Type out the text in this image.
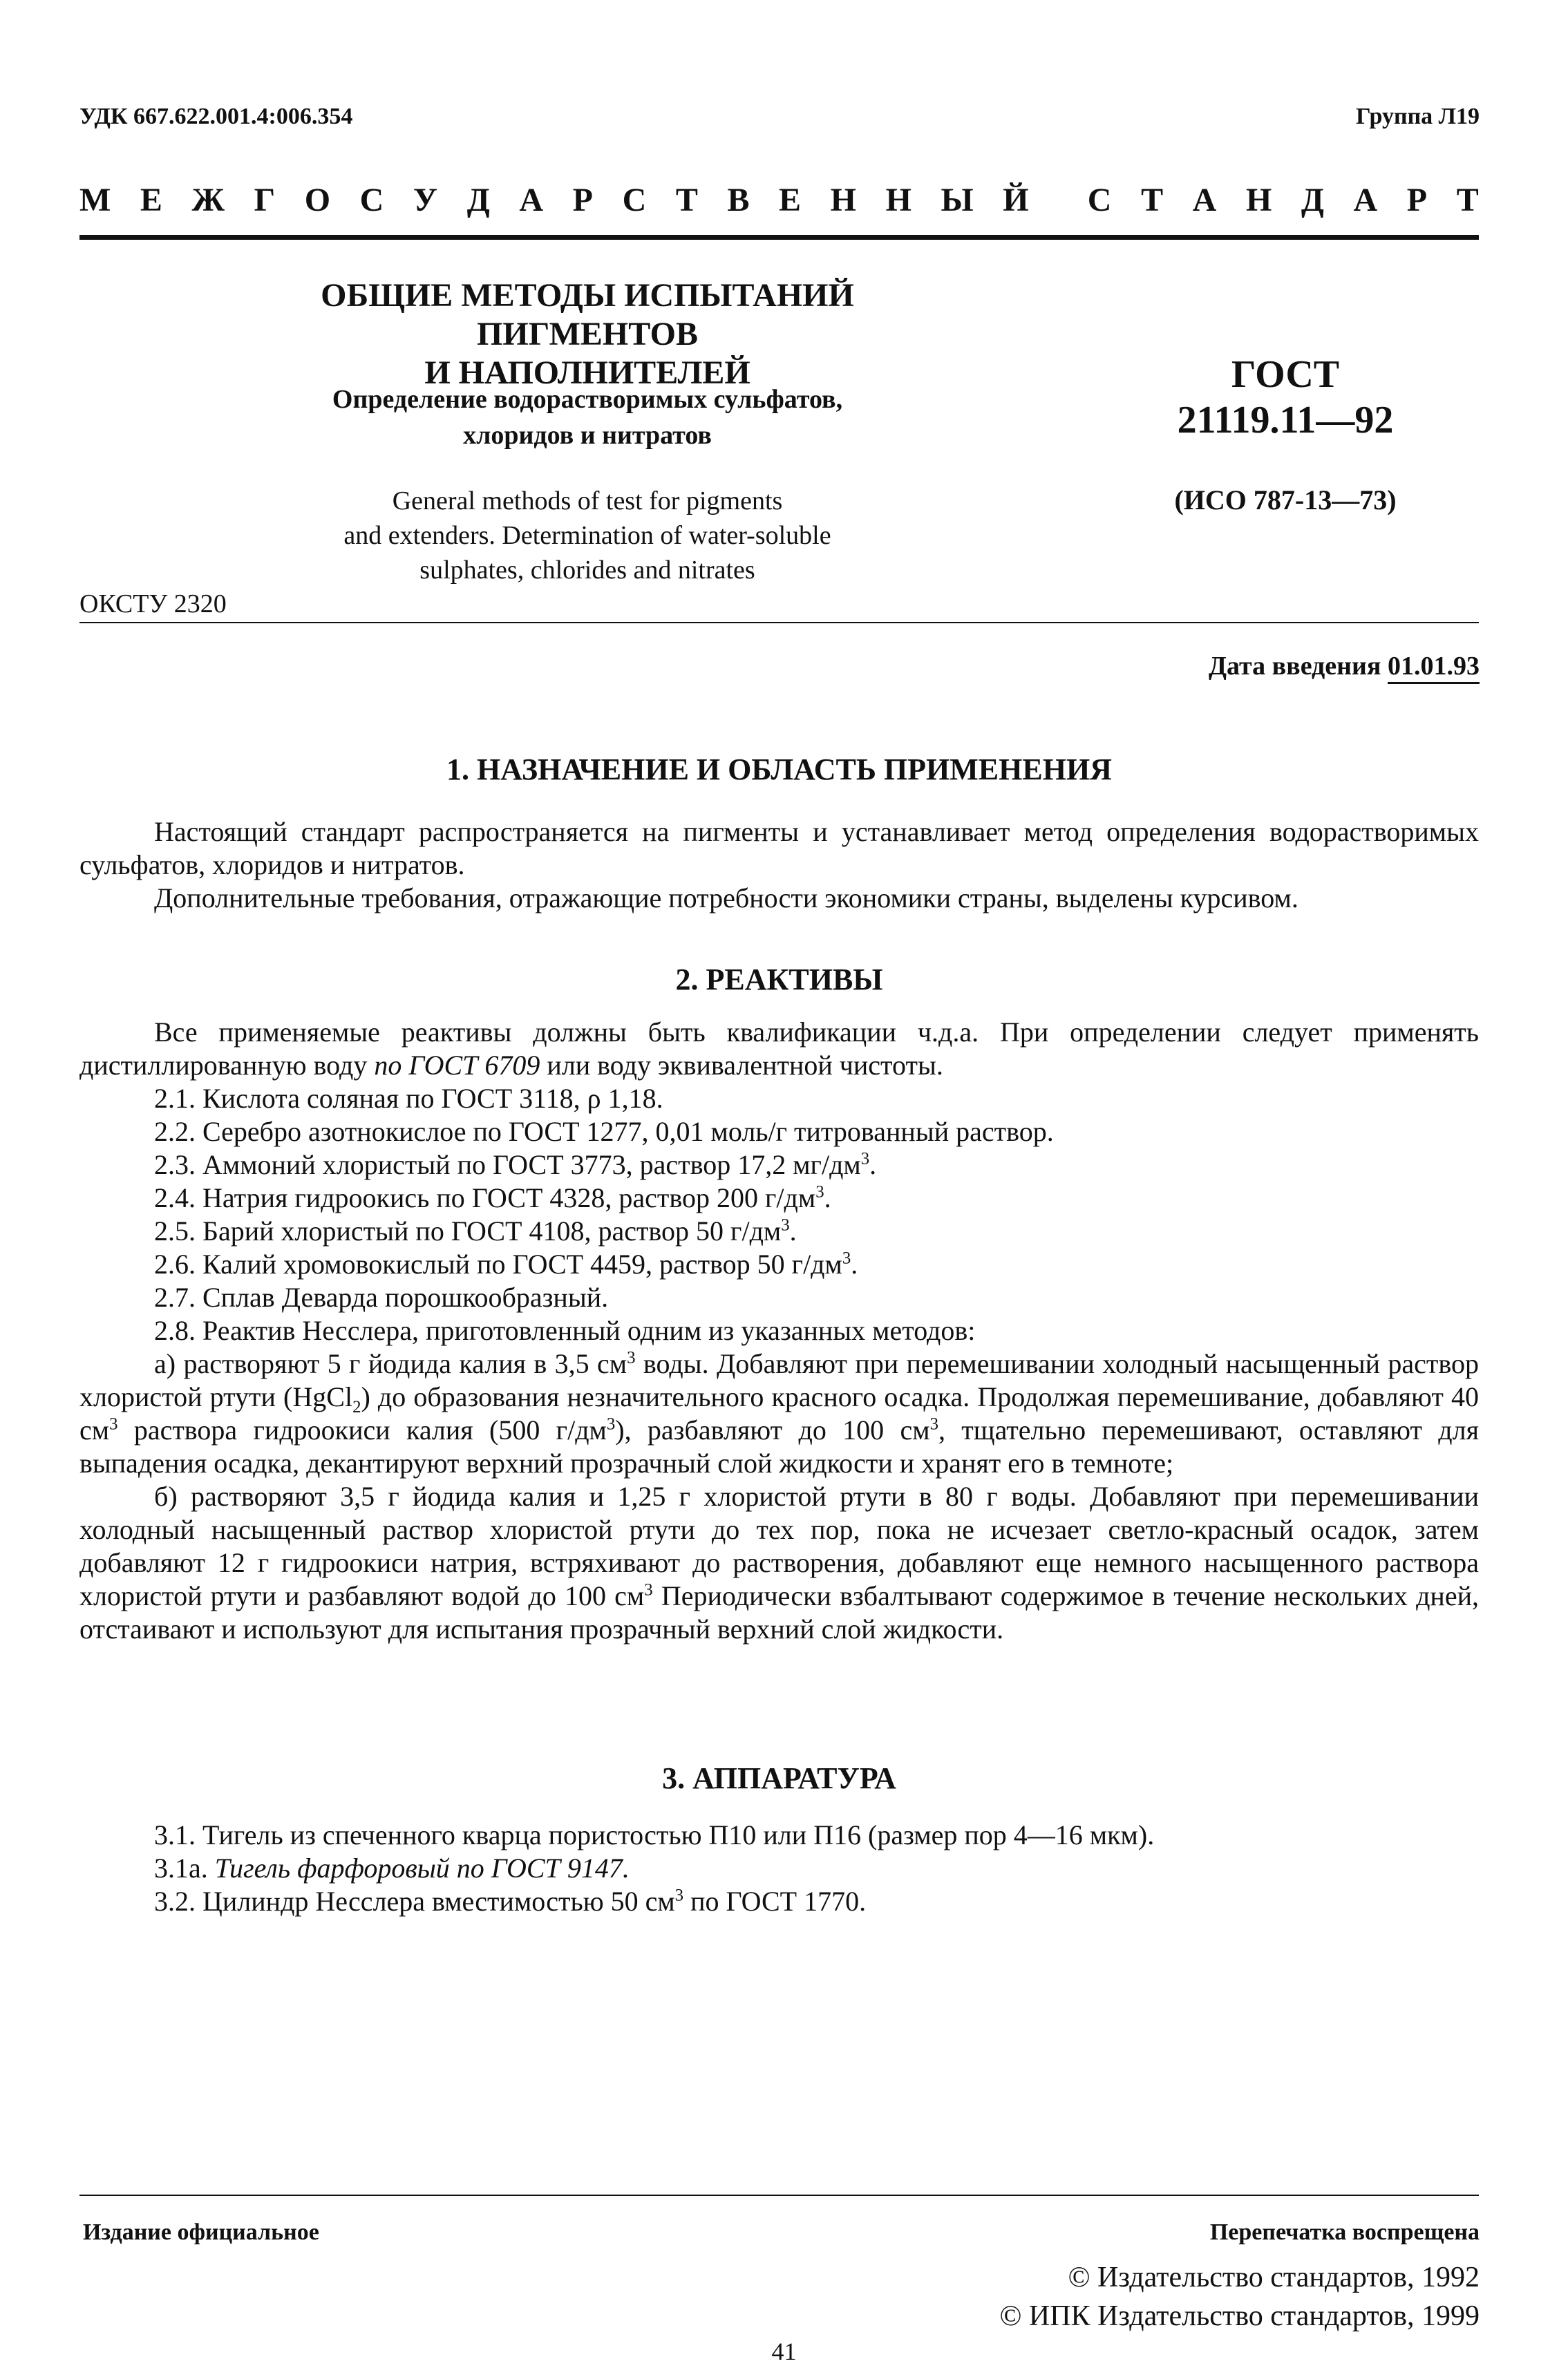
УДК 667.622.001.4:006.354	Группа Л19
М Е Ж Г О С У Д А Р С Т В Е Н Н Ы Й С Т А Н Д А Р Т
ОБЩИЕ МЕТОДЫ ИСПЫТАНИЙ ПИГМЕНТОВ
И НАПОЛНИТЕЛЕЙ
Определение водорастворимых сульфатов,
хлоридов и нитратов
General methods of test for pigments
and extenders. Determination of water-soluble
sulphates, chlorides and nitrates
ГОСТ
21119.11—92
(ИСО 787-13—73)
ОКСТУ 2320
Дата введения 01.01.93
1. НАЗНАЧЕНИЕ И ОБЛАСТЬ ПРИМЕНЕНИЯ

Настоящий стандарт распространяется на пигменты и устанавливает метод определения водорастворимых сульфатов, хлоридов и нитратов.

Дополнительные требования, отражающие потребности экономики страны, выделены курсивом.

2. РЕАКТИВЫ

Все применяемые реактивы должны быть квалификации ч.д.а. При определении следует применять дистиллированную воду по ГОСТ 6709 или воду эквивалентной чистоты.

2.1. Кислота соляная по ГОСТ 3118, ρ 1,18.

2.2. Серебро азотнокислое по ГОСТ 1277, 0,01 моль/г титрованный раствор.

2.3. Аммоний хлористый по ГОСТ 3773, раствор 17,2 $мг/дм^3$.

2.4. Натрия гидроокись по ГОСТ 4328, раствор 200 $г/дм^3$.

2.5. Барий хлористый по ГОСТ 4108, раствор 50 $г/дм^3$.

2.6. Калий хромовокислый по ГОСТ 4459, раствор 50 $г/дм^3$.

2.7. Сплав Деварда порошкообразный.

2.8. Реактив Несслера, приготовленный одним из указанных методов:

а) растворяют 5 г йодида калия в 3,5 $см^3$ воды. Добавляют при перемешивании холодный насыщенный раствор хлористой ртути (HgCl$_2$) до образования незначительного красного осадка. Продолжая перемешивание, добавляют 40 $см^3$ раствора гидроокиси калия (500 $г/дм^3$), разбавляют до 100 $см^3$, тщательно перемешивают, оставляют для выпадения осадка, декантируют верхний прозрачный слой жидкости и хранят его в темноте;

б) растворяют 3,5 г йодида калия и 1,25 г хлористой ртути в 80 г воды. Добавляют при перемешивании холодный насыщенный раствор хлористой ртути до тех пор, пока не исчезает светло-красный осадок, затем добавляют 12 г гидроокиси натрия, встряхивают до растворения, добавляют еще немного насыщенного раствора хлористой ртути и разбавляют водой до 100 $см^3$ Периодически взбалтывают содержимое в течение нескольких дней, отстаивают и используют для испытания прозрачный верхний слой жидкости.

3. АППАРАТУРА

3.1. Тигель из спеченного кварца пористостью П10 или П16 (размер пор 4—16 мкм).

3.1а. Тигель фарфоровый по ГОСТ 9147.

3.2. Цилиндр Несслера вместимостью 50 $см^3$ по ГОСТ 1770.

Издание официальное	Перепечатка воспрещена
© Издательство стандартов, 1992
© ИПК Издательство стандартов, 1999
41
